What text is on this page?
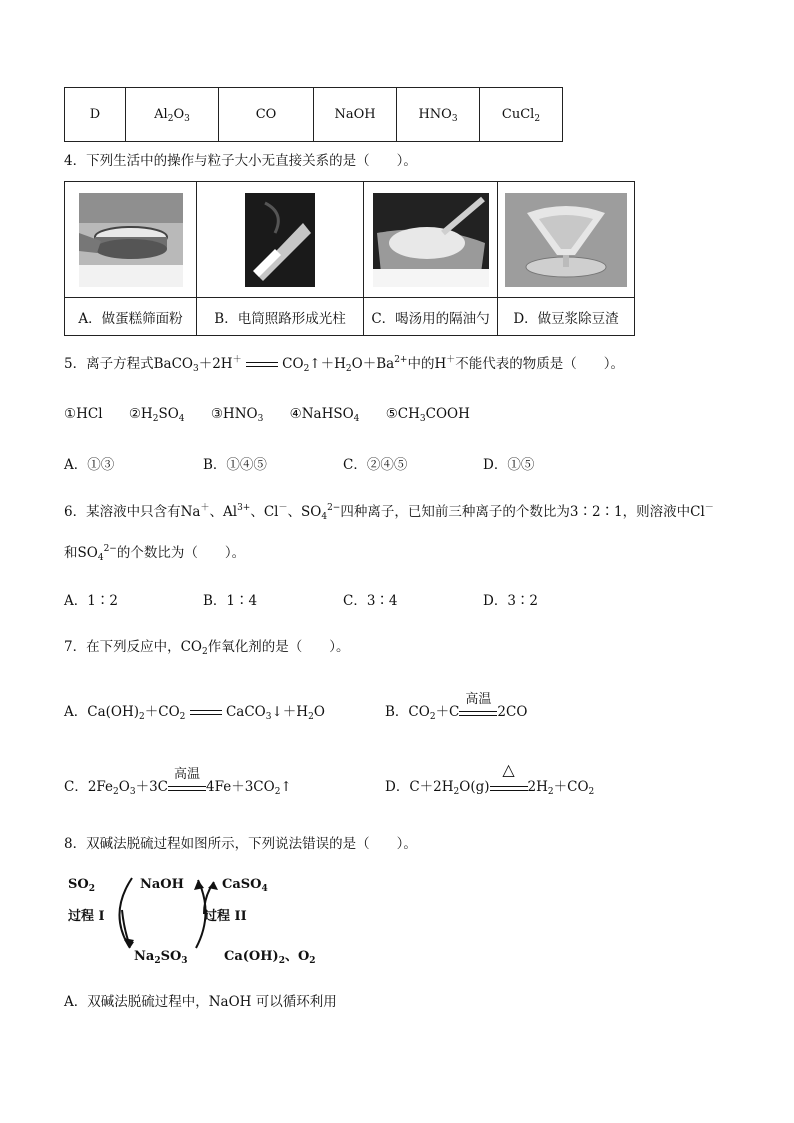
D	$Al_2O_3$	CO	NaOH	$HNO_3$	CuCl$_2$
4．下列生活中的操作与粒子大小无直接关系的是（　　）。

A．做蛋糕筛面粉	B．电筒照路形成光柱	C．喝汤用的隔油勺	D．做豆浆除豆渣
5．离子方程式BaCO$_3$＋2H＋	$CO_2↑+H_2O+Ba^{2+}$中的H＋不能代表的物质是（　　）。
①HCl $②H_2SO_4$ $③HNO_3$ ④NaHSO$_4$ $⑤CH_3COOH$
A．①③	B．①④⑤	C．②④⑤	D．①⑤
6．某溶液中只含有Na＋、$Al^{3+}$、Cl－、$SO_4^{2-}$四种离子，已知前三种离子的个数比为3∶2∶1，则溶液中Cl－
和$SO_4^{2-}$的个数比为（　　）。
A．1∶2	B．1∶4	C．3∶4	D．3∶2
7．在下列反应中，$CO_2$作氧化剂的是（　　）。
A．$Ca(OH)_2+CO_2$	$CaCO_3↓+H_2O$	B．$CO_2+C$
高温
2CO
C．$2Fe_2O_3+3C$
高温
$4Fe+3CO_2↑$	D．$C+2H_2O(g)$
△
$2H_2+CO_2$
8．双碱法脱硫过程如图所示，下列说法错误的是（　　）。
$SO_2$	NaOH	CaSO$_4$
过程 I	过程 II
$Na_2SO_3$	$Ca(OH)_2$、$O_2$
A．双碱法脱硫过程中，NaOH 可以循环利用
